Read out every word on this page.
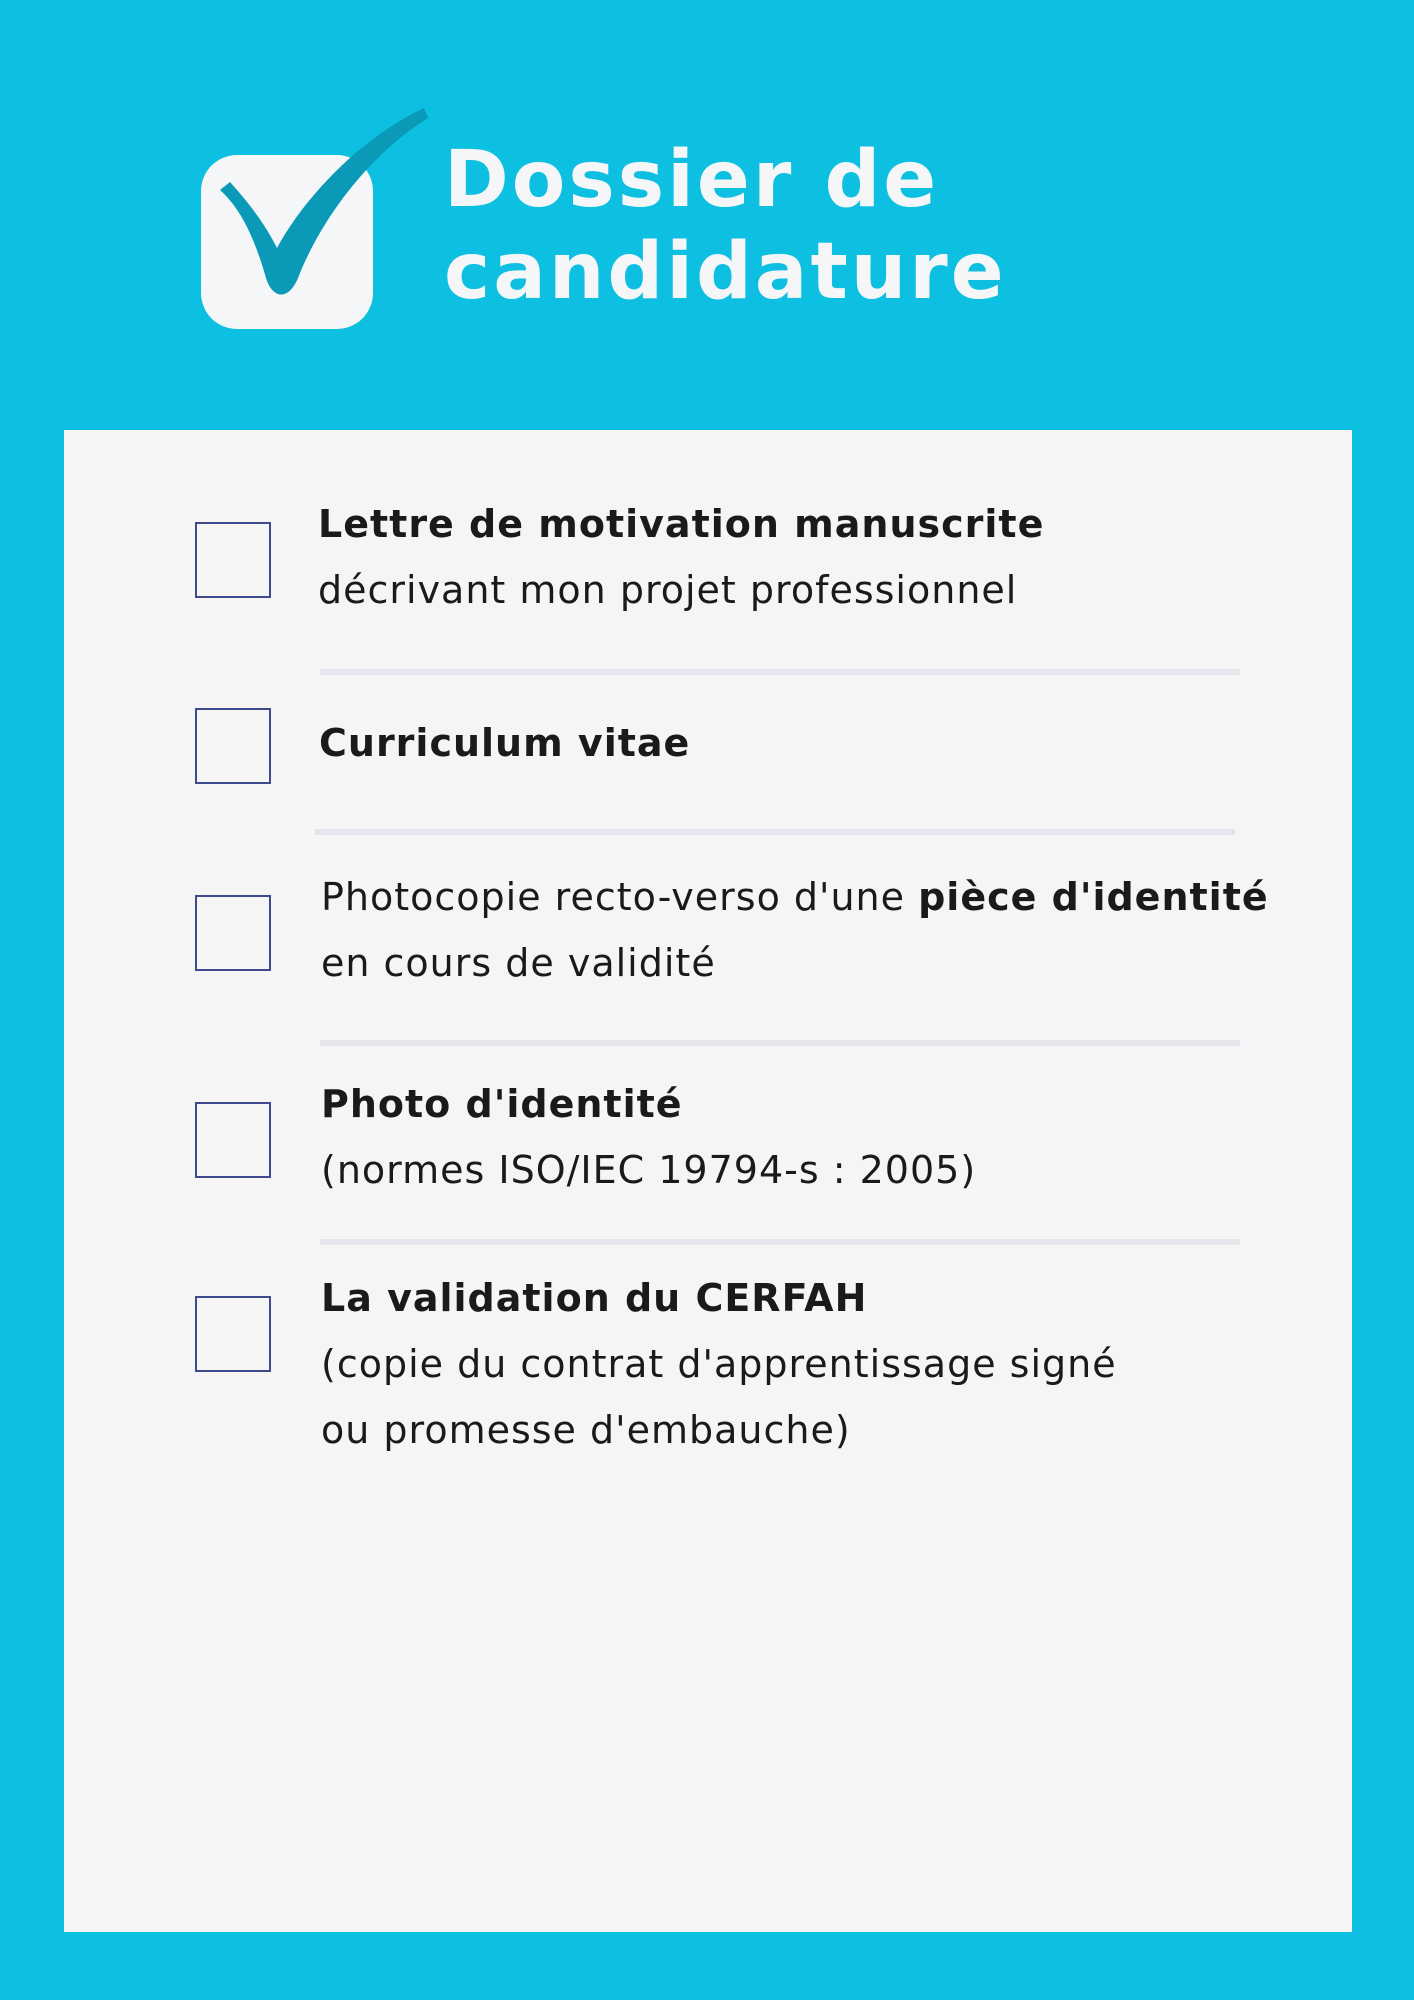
Dossier de
candidature
Lettre de motivation manuscrite
décrivant mon projet professionnel
Curriculum vitae
Photocopie recto-verso d'une pièce d'identité
en cours de validité
Photo d'identité
(normes ISO/IEC 19794-s : 2005)
La validation du CERFAH
(copie du contrat d'apprentissage signé
ou promesse d'embauche)
